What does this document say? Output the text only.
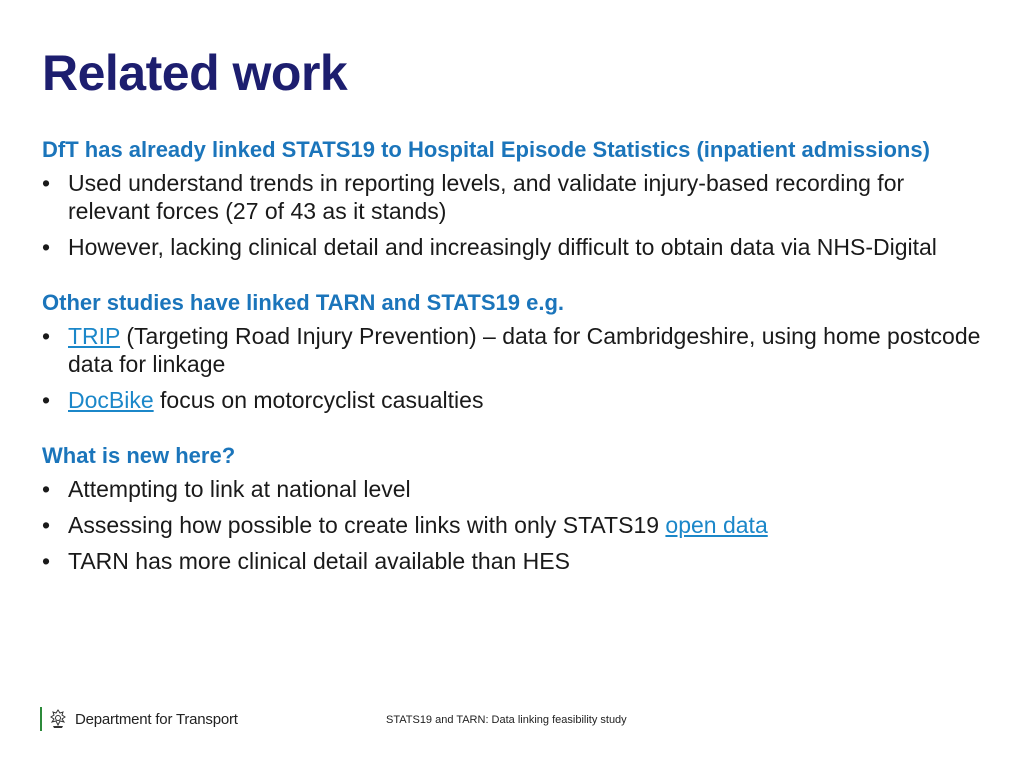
Related work

DfT has already linked STATS19 to Hospital Episode Statistics (inpatient admissions)

• Used understand trends in reporting levels, and validate injury-based recording for relevant forces (27 of 43 as it stands)
• However, lacking clinical detail and increasingly difficult to obtain data via NHS-Digital

Other studies have linked TARN and STATS19 e.g.

• TRIP (Targeting Road Injury Prevention) – data for Cambridgeshire, using home postcode data for linkage
• DocBike focus on motorcyclist casualties

What is new here?

• Attempting to link at national level
• Assessing how possible to create links with only STATS19 open data
• TARN has more clinical detail available than HES
Department for Transport	STATS19 and TARN: Data linking feasibility study
